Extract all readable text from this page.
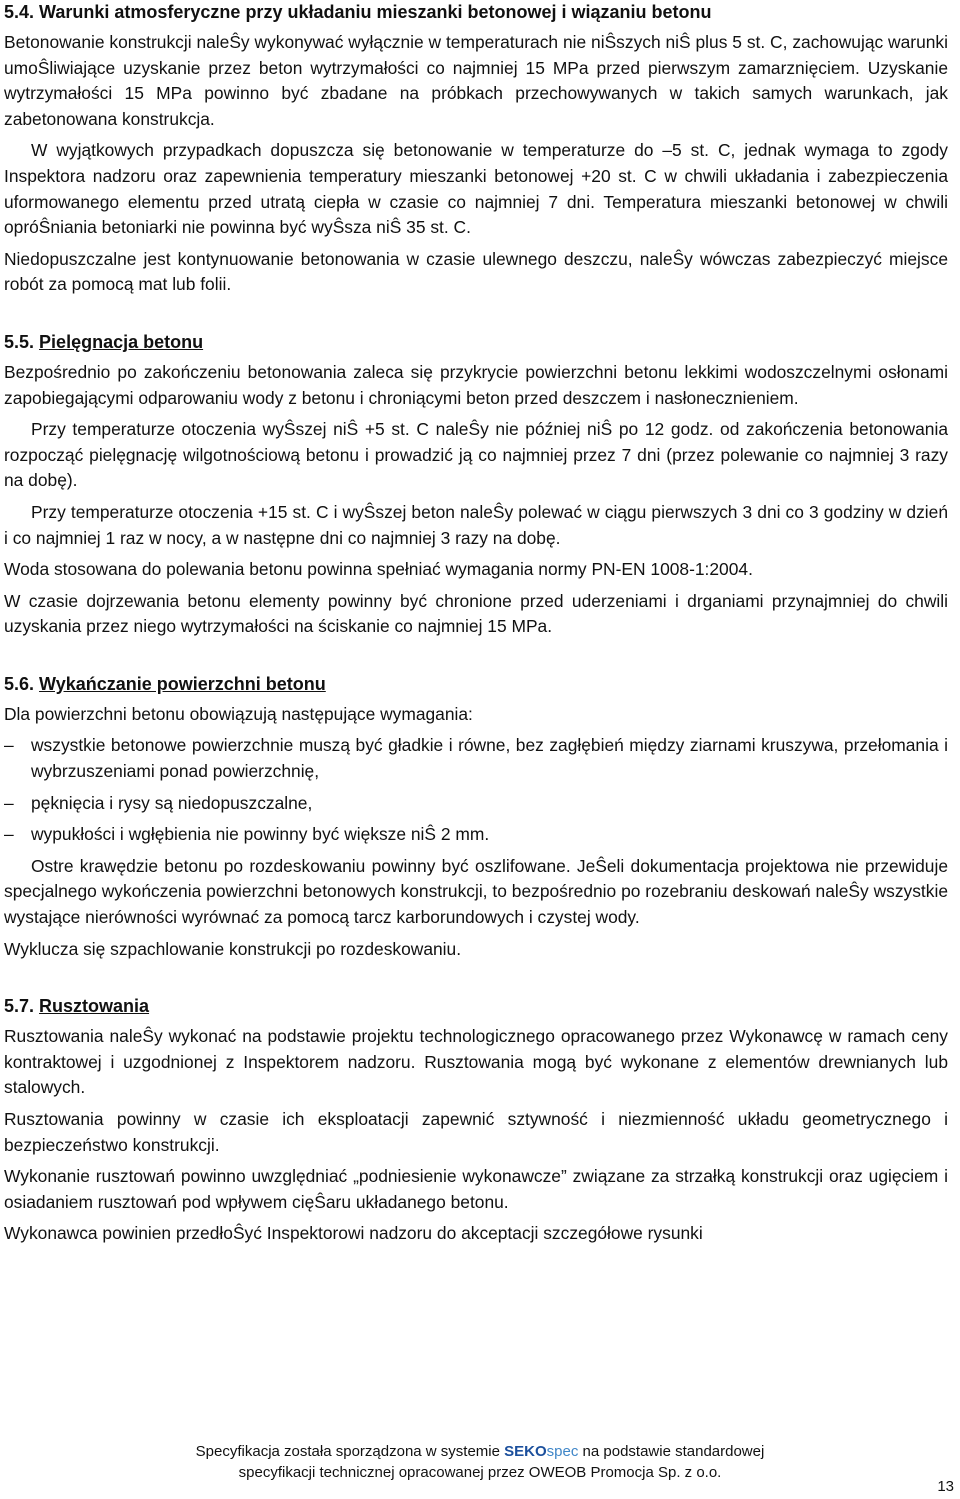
5.4. Warunki atmosferyczne przy układaniu mieszanki betonowej i wiązaniu betonu

Betonowanie konstrukcji naleŜy wykonywać wyłącznie w temperaturach nie niŜszych niŜ plus 5 st. C, zachowując warunki umoŜliwiające uzyskanie przez beton wytrzymałości co najmniej 15 MPa przed pierwszym zamarznięciem. Uzyskanie wytrzymałości 15 MPa powinno być zbadane na próbkach przechowywanych w takich samych warunkach, jak zabetonowana konstrukcja.

W wyjątkowych przypadkach dopuszcza się betonowanie w temperaturze do –5 st. C, jednak wymaga to zgody Inspektora nadzoru oraz zapewnienia temperatury mieszanki betonowej +20 st. C w chwili układania i zabezpieczenia uformowanego elementu przed utratą ciepła w czasie co najmniej 7 dni. Temperatura mieszanki betonowej w chwili opróŜniania betoniarki nie powinna być wyŜsza niŜ 35 st. C.

Niedopuszczalne jest kontynuowanie betonowania w czasie ulewnego deszczu, naleŜy wówczas zabezpieczyć miejsce robót za pomocą mat lub folii.

5.5. Pielęgnacja betonu

Bezpośrednio po zakończeniu betonowania zaleca się przykrycie powierzchni betonu lekkimi wodoszczelnymi osłonami zapobiegającymi odparowaniu wody z betonu i chroniącymi beton przed deszczem i nasłonecznieniem.

Przy temperaturze otoczenia wyŜszej niŜ +5 st. C naleŜy nie później niŜ po 12 godz. od zakończenia betonowania rozpocząć pielęgnację wilgotnościową betonu i prowadzić ją co najmniej przez 7 dni (przez polewanie co najmniej 3 razy na dobę).

Przy temperaturze otoczenia +15 st. C i wyŜszej beton naleŜy polewać w ciągu pierwszych 3 dni co 3 godziny w dzień i co najmniej 1 raz w nocy, a w następne dni co najmniej 3 razy na dobę.

Woda stosowana do polewania betonu powinna spełniać wymagania normy PN-EN 1008-1:2004.

W czasie dojrzewania betonu elementy powinny być chronione przed uderzeniami i drganiami przynajmniej do chwili uzyskania przez niego wytrzymałości na ściskanie co najmniej 15 MPa.

5.6. Wykańczanie powierzchni betonu

Dla powierzchni betonu obowiązują następujące wymagania:

– wszystkie betonowe powierzchnie muszą być gładkie i równe, bez zagłębień między ziarnami kruszywa, przełomania i wybrzuszeniami ponad powierzchnię,
– pęknięcia i rysy są niedopuszczalne,
– wypukłości i wgłębienia nie powinny być większe niŜ 2 mm.

Ostre krawędzie betonu po rozdeskowaniu powinny być oszlifowane. JeŜeli dokumentacja projektowa nie przewiduje specjalnego wykończenia powierzchni betonowych konstrukcji, to bezpośrednio po rozebraniu deskowań naleŜy wszystkie wystające nierówności wyrównać za pomocą tarcz karborundowych i czystej wody.

Wyklucza się szpachlowanie konstrukcji po rozdeskowaniu.

5.7. Rusztowania

Rusztowania naleŜy wykonać na podstawie projektu technologicznego opracowanego przez Wykonawcę w ramach ceny kontraktowej i uzgodnionej z Inspektorem nadzoru. Rusztowania mogą być wykonane z elementów drewnianych lub stalowych.

Rusztowania powinny w czasie ich eksploatacji zapewnić sztywność i niezmienność układu geometrycznego i bezpieczeństwo konstrukcji.

Wykonanie rusztowań powinno uwzględniać „podniesienie wykonawcze” związane za strzałką konstrukcji oraz ugięciem i osiadaniem rusztowań pod wpływem cięŜaru układanego betonu.

Wykonawca powinien przedłoŜyć Inspektorowi nadzoru do akceptacji szczegółowe rysunki

Specyfikacja została sporządzona w systemie SEKOspec na podstawie standardowej
specyfikacji technicznej opracowanej przez OWEOB Promocja Sp. z o.o.
13
